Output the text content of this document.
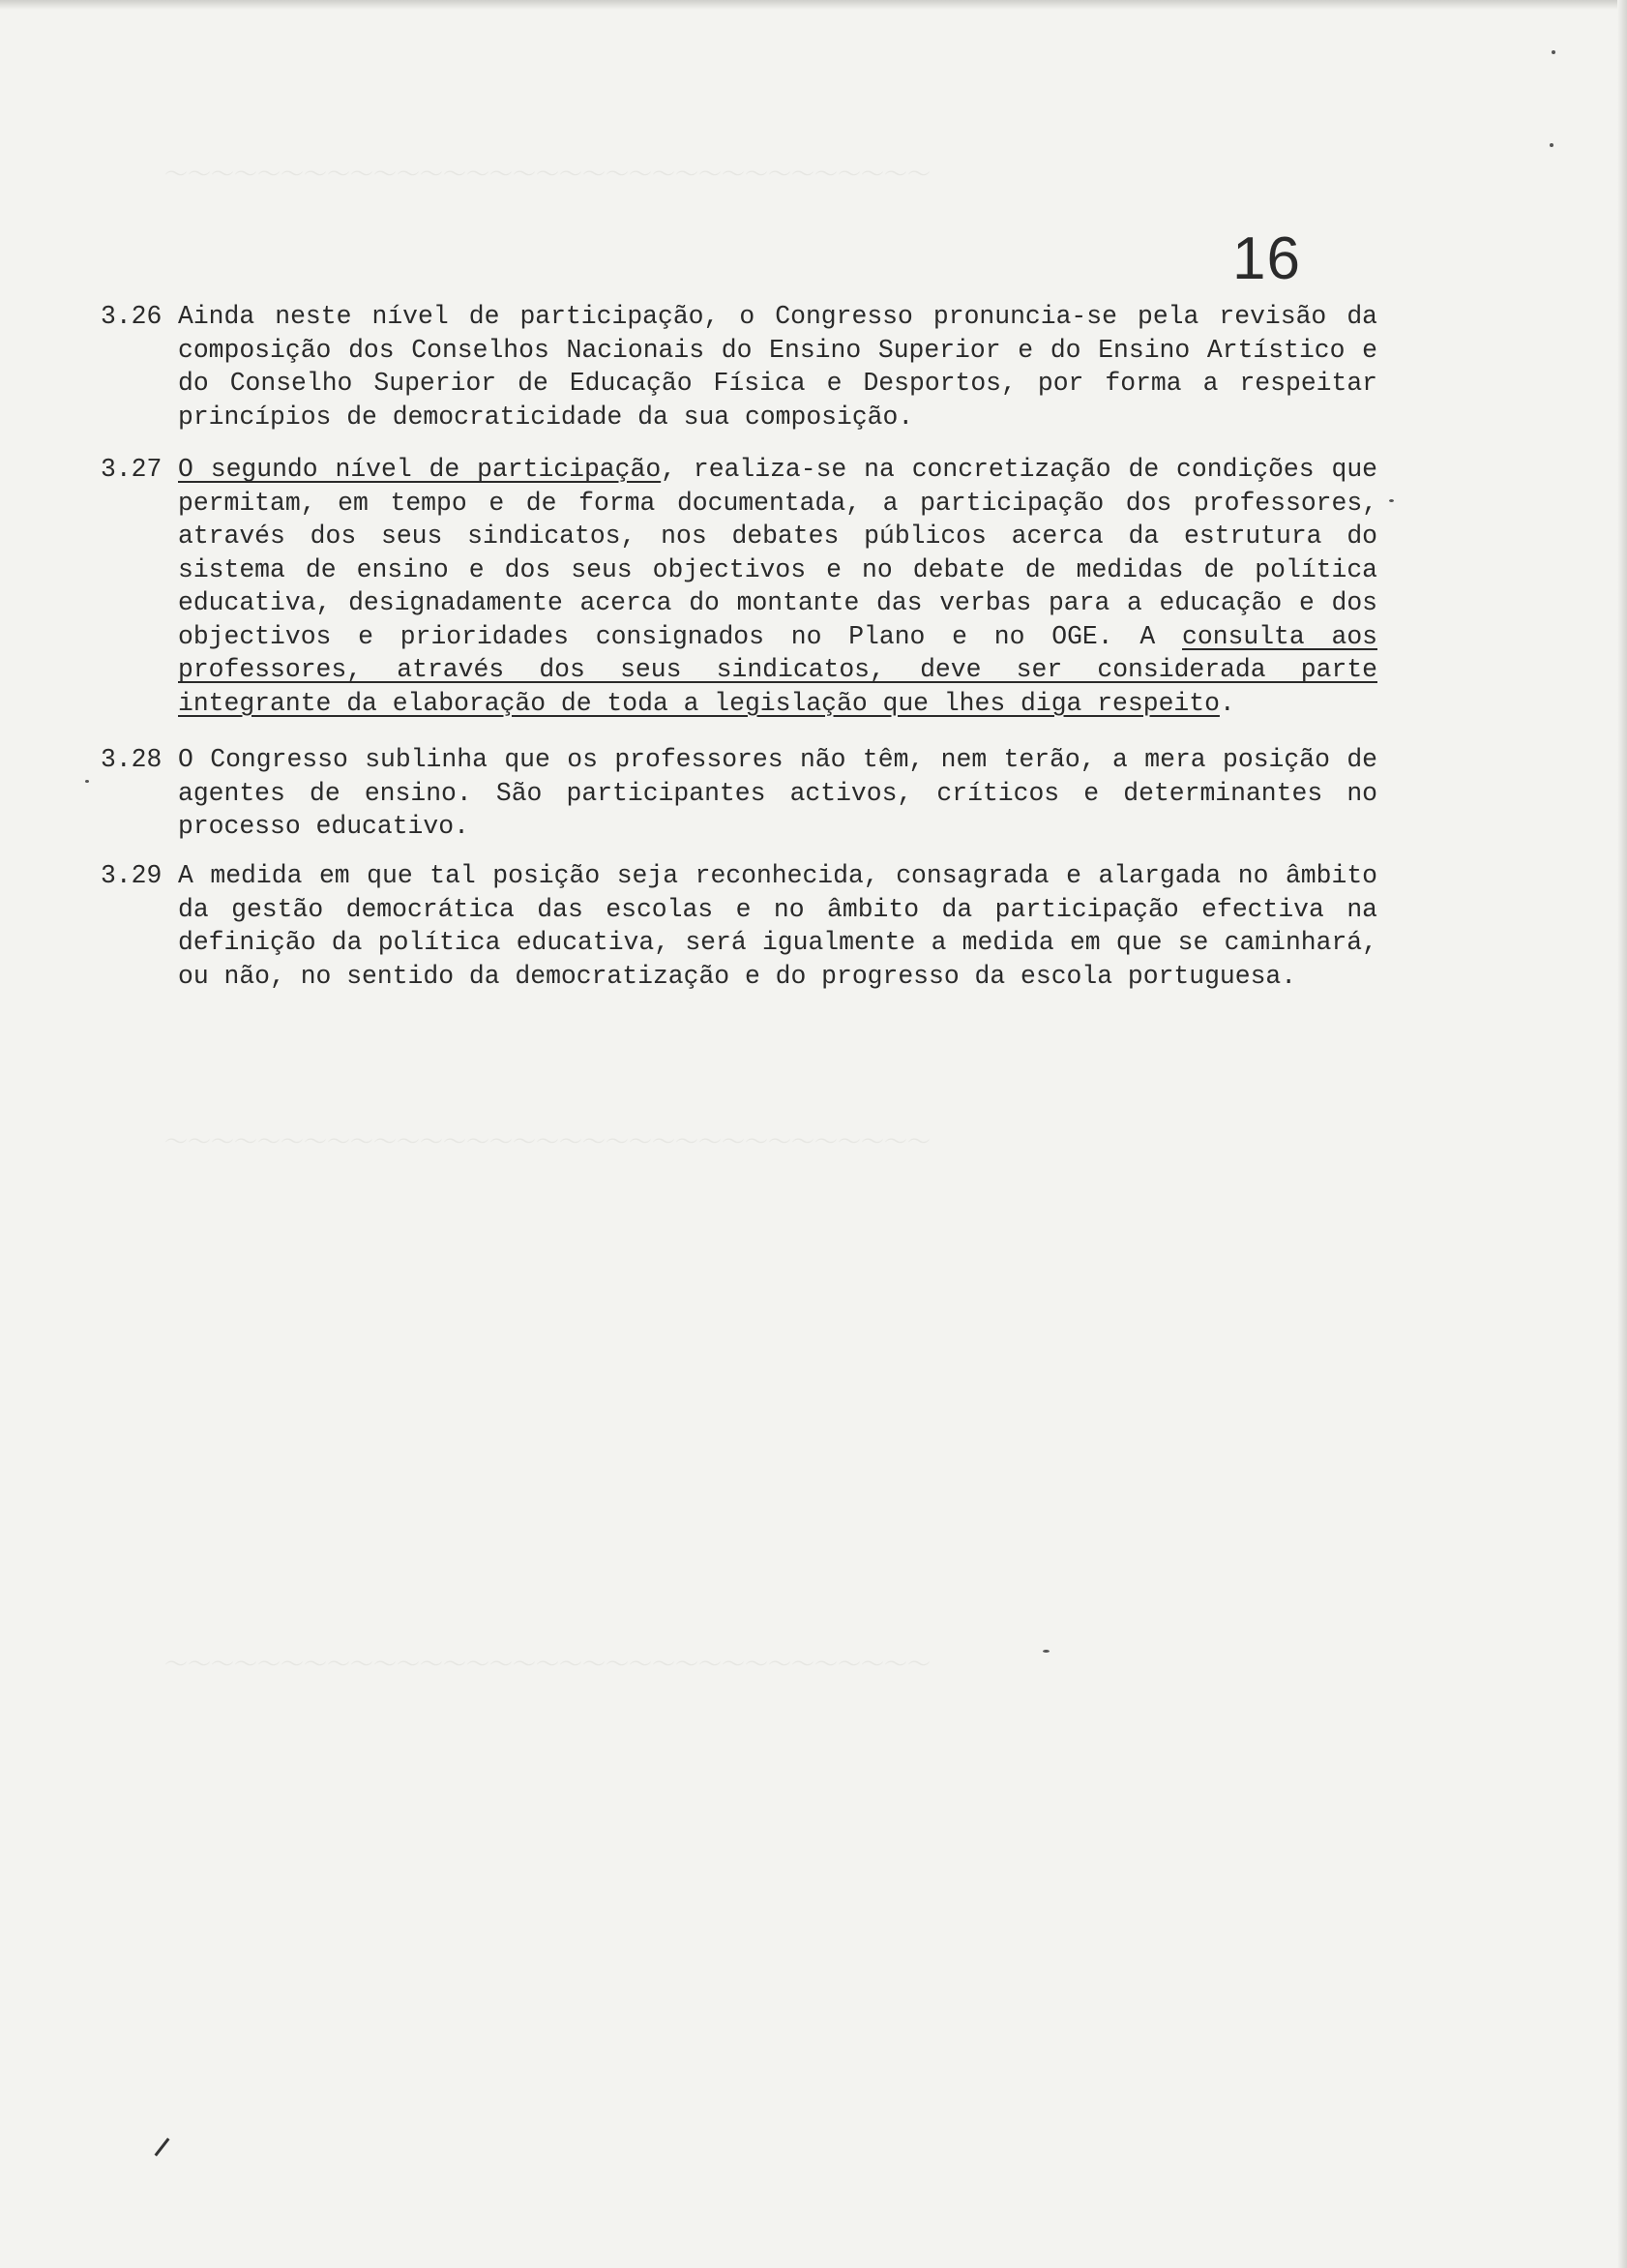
～～～～～～～～～～～～～～～～～～～～～～～～～～～～～～～～～
～～～～～～～～～～～～～～～～～～～～～～～～～～～～～～～～～
～～～～～～～～～～～～～～～～～～～～～～～～～～～～～～～～～
16
3.26 Ainda neste nível de participação, o Congresso pronuncia-se pela revisão da composição dos Conselhos Nacionais do Ensino Superior e do Ensino Artístico e do Conselho Superior de Educação Física e Desportos, por forma a respeitar princípios de democraticidade da sua composição.
3.27 O segundo nível de participação, realiza-se na concretização de condições que permitam, em tempo e de forma documentada, a participação dos professores, através dos seus sindicatos, nos debates públicos acerca da estrutura do sistema de ensino e dos seus objectivos e no debate de medidas de política educativa, designadamente acerca do montante das verbas para a educação e dos objectivos e prioridades consignados no Plano e no OGE. A consulta aos professores, através dos seus sindicatos, deve ser considerada parte integrante da elaboração de toda a legislação que lhes diga respeito.
3.28 O Congresso sublinha que os professores não têm, nem terão, a mera posição de agentes de ensino. São participantes activos, críticos e determinantes no processo educativo.
3.29 A medida em que tal posição seja reconhecida, consagrada e alargada no âmbito da gestão democrática das escolas e no âmbito da participação efectiva na definição da política educativa, será igualmente a medida em que se caminhará, ou não, no sentido da democratização e do progresso da escola portuguesa.
